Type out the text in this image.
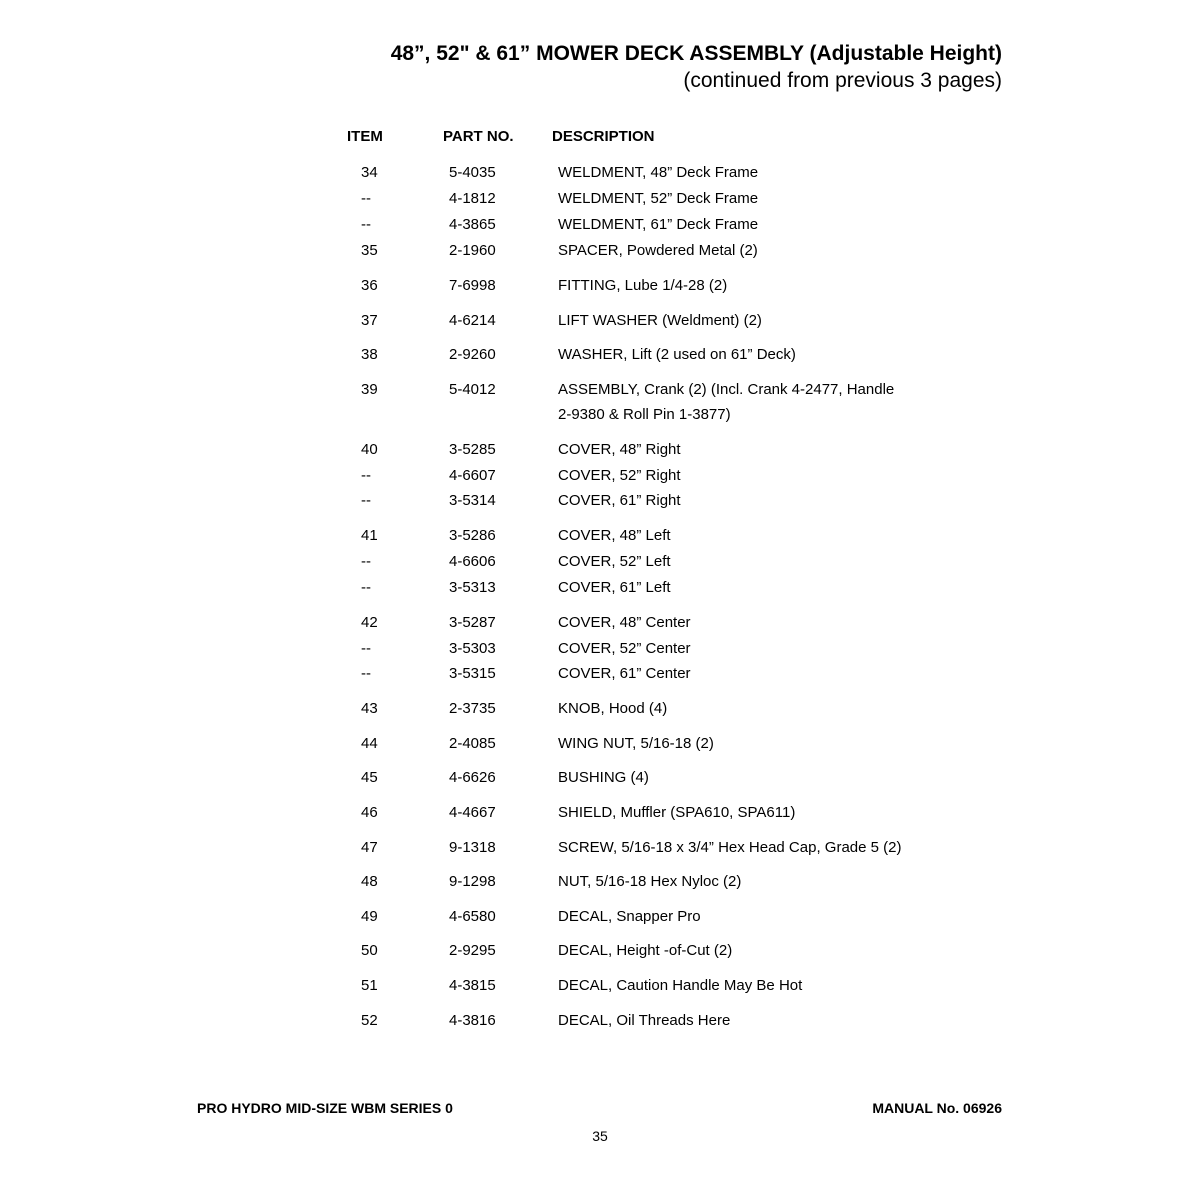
48”, 52" & 61” MOWER DECK ASSEMBLY (Adjustable Height)
(continued from previous 3 pages)
ITEM	PART NO.	DESCRIPTION
34	5-4035	WELDMENT, 48” Deck Frame
--	4-1812	WELDMENT, 52” Deck Frame
--	4-3865	WELDMENT, 61” Deck Frame
35	2-1960	SPACER, Powdered Metal (2)
36	7-6998	FITTING, Lube 1/4-28 (2)
37	4-6214	LIFT WASHER (Weldment) (2)
38	2-9260	WASHER, Lift (2 used on 61” Deck)
39	5-4012	ASSEMBLY, Crank (2) (Incl. Crank 4-2477, Handle
2-9380 & Roll Pin 1-3877)
40	3-5285	COVER, 48” Right
--	4-6607	COVER, 52” Right
--	3-5314	COVER, 61” Right
41	3-5286	COVER, 48” Left
--	4-6606	COVER, 52” Left
--	3-5313	COVER, 61” Left
42	3-5287	COVER, 48” Center
--	3-5303	COVER, 52” Center
--	3-5315	COVER, 61” Center
43	2-3735	KNOB, Hood (4)
44	2-4085	WING NUT, 5/16-18 (2)
45	4-6626	BUSHING (4)
46	4-4667	SHIELD, Muffler (SPA610, SPA611)
47	9-1318	SCREW, 5/16-18 x 3/4” Hex Head Cap, Grade 5 (2)
48	9-1298	NUT, 5/16-18 Hex Nyloc (2)
49	4-6580	DECAL, Snapper Pro
50	2-9295	DECAL, Height -of-Cut (2)
51	4-3815	DECAL, Caution Handle May Be Hot
52	4-3816	DECAL, Oil Threads Here
PRO HYDRO MID-SIZE WBM SERIES 0	MANUAL No. 06926
35
